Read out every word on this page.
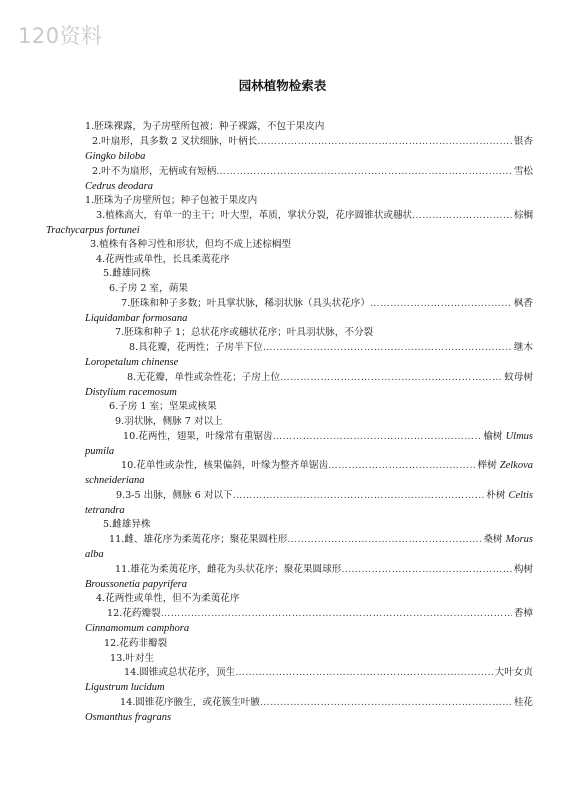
120资料
园林植物检索表
1.胚珠裸露，为子房壁所包被；种子裸露，不包于果皮内
2.叶扇形，具多数 2 叉状细脉，叶柄长 …………………………………………………………………………………………………………………………………………………………………………………………	银杏
Gingko biloba
2.叶不为扇形，无柄或有短柄 …………………………………………………………………………………………………………………………………………………………………………………………	雪松
Cedrus deodara
1.胚珠为子房壁所包；种子包被于果皮内
3.植株高大，有单一的主干；叶大型，革质，掌状分裂，花序圆锥状或穗状 …………………………………………………………………………………………………………………………………………………………………………………………	棕榈
Trachycarpus fortunei
3.植株有各种习性和形状，但均不成上述棕榈型
4.花两性或单性，长具柔荑花序
5.雌雄同株
6.子房 2 室，蒴果
7.胚珠和种子多数；叶具掌状脉，稀羽状脉（具头状花序） …………………………………………………………………………………………………………………………………………………………………………………………	枫香
Liquidambar formosana
7.胚珠和种子 1；总状花序或穗状花序；叶具羽状脉，不分裂
8.具花瓣，花两性；子房半下位 …………………………………………………………………………………………………………………………………………………………………………………………	继木
Loropetalum chinense
8.无花瓣，单性或杂性花；子房上位 …………………………………………………………………………………………………………………………………………………………………………………………	蚊母树
Distylium racemosum
6.子房 1 室；坚果或核果
9.羽状脉，侧脉 7 对以上
10.花两性，翅果，叶缘常有重锯齿 …………………………………………………………………………………………………………………………………………………………………………………………	榆树 Ulmus
pumila
10.花单性或杂性，核果偏斜，叶缘为整齐单锯齿 …………………………………………………………………………………………………………………………………………………………………………………………	榉树 Zelkova
schneideriana
9.3-5 出脉，侧脉 6 对以下 …………………………………………………………………………………………………………………………………………………………………………………………	朴树 Celtis
tetrandra
5.雌雄异株
11.雌、雄花序为柔荑花序；聚花果圆柱形 …………………………………………………………………………………………………………………………………………………………………………………………	桑树 Morus
alba
11.雄花为柔荑花序，雌花为头状花序；聚花果圆球形 …………………………………………………………………………………………………………………………………………………………………………………………	构树
Broussonetia papyrifera
4.花两性或单性，但不为柔荑花序
12.花药瓣裂 …………………………………………………………………………………………………………………………………………………………………………………………	香樟
Cinnamomum camphora
12.花药非瓣裂
13.叶对生
14.圆锥或总状花序，顶生 …………………………………………………………………………………………………………………………………………………………………………………………	大叶女贞
Ligustrum lucidum
14.圆锥花序腋生，或花簇生叶腋 …………………………………………………………………………………………………………………………………………………………………………………………	桂花
Osmanthus fragrans
